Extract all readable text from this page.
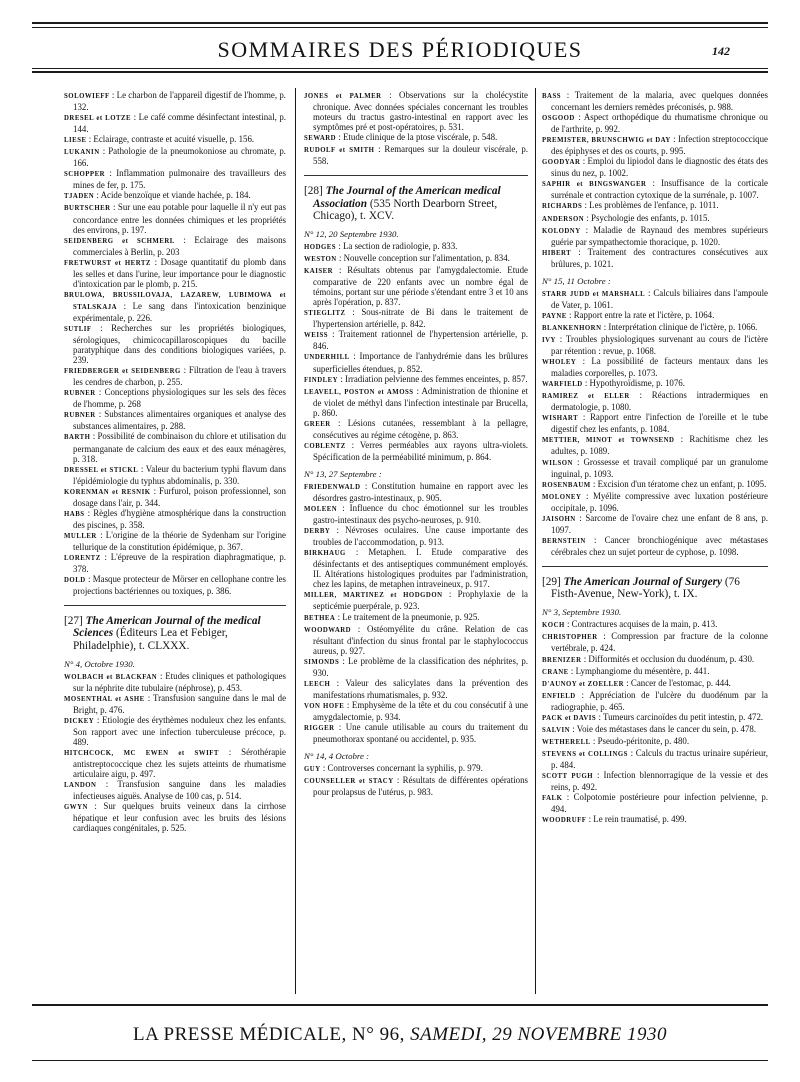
SOMMAIRES DES PÉRIODIQUES	142
SOLOWIEFF : Le charbon de l'appareil digestif de l'homme, p. 132.
DRESEL et LOTZE : Le café comme désinfectant intestinal, p. 144.
LIESE : Eclairage, contraste et acuité visuelle, p. 156.
LUKANIN : Pathologie de la pneumokoniose au chromate, p. 166.
SCHOPPER : Inflammation pulmonaire des travailleurs des mines de fer, p. 175.
TJADEN : Acide benzoïque et viande hachée, p. 184.
BURTSCHER : Sur une eau potable pour laquelle il n'y eut pas concordance entre les données chimiques et les propriétés des environs, p. 197.
SEIDENBERG et SCHMERL : Eclairage des maisons commerciales à Berlin, p. 203
FRETWURST et HERTZ : Dosage quantitatif du plomb dans les selles et dans l'urine, leur importance pour le diagnostic d'intoxication par le plomb, p. 215.
BRULOWA, BRUSSILOVAJA, LAZAREW, LUBIMOWA et STALSKAJA : Le sang dans l'intoxication benzinique expérimentale, p. 226.
SUTLIF : Recherches sur les propriétés biologiques, sérologiques, chimicocapillaroscopiques du bacille paratyphique dans des conditions biologiques variées, p. 239.
FRIEDBERGER et SEIDENBERG : Filtration de l'eau à travers les cendres de charbon, p. 255.
RUBNER : Conceptions physiologiques sur les sels des fèces de l'homme, p. 268
RUBNER : Substances alimentaires organiques et analyse des substances alimentaires, p. 288.
BARTH : Possibilité de combinaison du chlore et utilisation du permanganate de calcium des eaux et des eaux ménagères, p. 318.
DRESSEL et STICKL : Valeur du bacterium typhi flavum dans l'épidémiologie du typhus abdominalis, p. 330.
KORENMAN et RESNIK : Furfurol, poison professionnel, son dosage dans l'air, p. 344.
HABS : Règles d'hygiène atmosphérique dans la construction des piscines, p. 358.
MULLER : L'origine de la théorie de Sydenham sur l'origine tellurique de la constitution épidémique, p. 367.
LORENTZ : L'épreuve de la respiration diaphragmatique, p. 378.
DOLD : Masque protecteur de Mörser en cellophane contre les projections bactériennes ou toxiques, p. 386.
[27] The American Journal of the medical Sciences (Éditeurs Lea et Febiger, Philadelphie), t. CLXXX.
N° 4, Octobre 1930.
WOLBACH et BLACKFAN : Etudes cliniques et pathologiques sur la néphrite dite tubulaire (néphrose), p. 453.
MOSENTHAL et ASHE : Transfusion sanguine dans le mal de Bright, p. 476.
DICKEY : Etiologie des érythèmes noduleux chez les enfants. Son rapport avec une infection tuberculeuse précoce, p. 489.
HITCHCOCK, MC EWEN et SWIFT : Sérothérapie antistreptococcique chez les sujets atteints de rhumatisme articulaire aigu, p. 497.
LANDON : Transfusion sanguine dans les maladies infectieuses aiguës. Analyse de 100 cas, p. 514.
GWYN : Sur quelques bruits veineux dans la cirrhose hépatique et leur confusion avec les bruits des lésions cardiaques congénitales, p. 525.
JONES et PALMER : Observations sur la cholécystite chronique. Avec données spéciales concernant les troubles moteurs du tractus gastro-intestinal en rapport avec les symptômes pré et post-opératoires, p. 531.
SEWARD : Etude clinique de la ptose viscérale, p. 548.
RUDOLF et SMITH : Remarques sur la douleur viscérale, p. 558.
[28] The Journal of the American medical Association (535 North Dearborn Street, Chicago), t. XCV.
N° 12, 20 Septembre 1930.
HODGES : La section de radiologie, p. 833.
WESTON : Nouvelle conception sur l'alimentation, p. 834.
KAISER : Résultats obtenus par l'amygdalectomie. Etude comparative de 220 enfants avec un nombre égal de témoins, portant sur une période s'étendant entre 3 et 10 ans après l'opération, p. 837.
STIEGLITZ : Sous-nitrate de Bi dans le traitement de l'hypertension artérielle, p. 842.
WEISS : Traitement rationnel de l'hypertension artérielle, p. 846.
UNDERHILL : Importance de l'anhydrémie dans les brûlures superficielles étendues, p. 852.
FINDLEY : Irradiation pelvienne des femmes enceintes, p. 857.
LEAVELL, POSTON et AMOSS : Administration de thionine et de violet de méthyl dans l'infection intestinale par Brucella, p. 860.
GREER : Lésions cutanées, ressemblant à la pellagre, consécutives au régime cétogène, p. 863.
COBLENTZ : Verres perméables aux rayons ultra-violets. Spécification de la perméabilité minimum, p. 864.
N° 13, 27 Septembre :
FRIEDENWALD : Constitution humaine en rapport avec les désordres gastro-intestinaux, p. 905.
MOLEEN : Influence du choc émotionnel sur les troubles gastro-intestinaux des psycho-neuroses, p. 910.
DERBY : Névroses oculaires. Une cause importante des troubles de l'accommodation, p. 913.
BIRKHAUG : Metaphen. I. Etude comparative des désinfectants et des antiseptiques communément employés. II. Altérations histologiques produites par l'administration, chez les lapins, de metaphen intraveineux, p. 917.
MILLER, MARTINEZ et HODGDON : Prophylaxie de la septicémie puerpérale, p. 923.
BETHEA : Le traitement de la pneumonie, p. 925.
WOODWARD : Ostéomyélite du crâne. Relation de cas résultant d'infection du sinus frontal par le staphylococcus aureus, p. 927.
SIMONDS : Le problème de la classification des néphrites, p. 930.
LEECH : Valeur des salicylates dans la prévention des manifestations rhumatismales, p. 932.
VON HOFE : Emphysème de la tête et du cou consécutif à une amygdalectomie, p. 934.
RIGGER : Une canule utilisable au cours du traitement du pneumothorax spontané ou accidentel, p. 935.
N° 14, 4 Octobre :
GUY : Controverses concernant la syphilis, p. 979.
COUNSELLER et STACY : Résultats de différentes opérations pour prolapsus de l'utérus, p. 983.
BASS : Traitement de la malaria, avec quelques données concernant les derniers remèdes préconisés, p. 988.
OSGOOD : Aspect orthopédique du rhumatisme chronique ou de l'arthrite, p. 992.
PREMISTER, BRUNSCHWIG et DAY : Infection streptococcique des épiphyses et des os courts, p. 995.
GOODYAR : Emploi du lipiodol dans le diagnostic des états des sinus du nez, p. 1002.
SAPHIR et BINGSWANGER : Insuffisance de la corticale surrénale et contraction cytoxique de la surrénale, p. 1007.
RICHARDS : Les problèmes de l'enfance, p. 1011.
ANDERSON : Psychologie des enfants, p. 1015.
KOLODNY : Maladie de Raynaud des membres supérieurs guérie par sympathectomie thoracique, p. 1020.
HIBERT : Traitement des contractures consécutives aux brûlures, p. 1021.
N° 15, 11 Octobre :
STARR JUDD et MARSHALL : Calculs biliaires dans l'ampoule de Vater, p. 1061.
PAYNE : Rapport entre la rate et l'ictère, p. 1064.
BLANKENHORN : Interprétation clinique de l'ictère, p. 1066.
IVY : Troubles physiologiques survenant au cours de l'ictère par rétention : revue, p. 1068.
WHOLEY : La possibilité de facteurs mentaux dans les maladies corporelles, p. 1073.
WARFIELD : Hypothyroïdisme, p. 1076.
RAMIREZ et ELLER : Réactions intradermiques en dermatologie, p. 1080.
WISHART : Rapport entre l'infection de l'oreille et le tube digestif chez les enfants, p. 1084.
METTIER, MINOT et TOWNSEND : Rachitisme chez les adultes, p. 1089.
WILSON : Grossesse et travail compliqué par un granulome inguinal, p. 1093.
ROSENBAUM : Excision d'un tératome chez un enfant, p. 1095.
MOLONEY : Myélite compressive avec luxation postérieure occipitale, p. 1096.
JAISOHN : Sarcome de l'ovaire chez une enfant de 8 ans, p. 1097.
BERNSTEIN : Cancer bronchiogénique avec métastases cérébrales chez un sujet porteur de cyphose, p. 1098.
[29] The American Journal of Surgery (76 Fisth-Avenue, New-York), t. IX.
N° 3, Septembre 1930.
KOCH : Contractures acquises de la main, p. 413.
CHRISTOPHER : Compression par fracture de la colonne vertébrale, p. 424.
BRENIZER : Difformités et occlusion du duodénum, p. 430.
CRANE : Lymphangiome du mésentère, p. 441.
D'AUNOY et ZOELLER : Cancer de l'estomac, p. 444.
ENFIELD : Appréciation de l'ulcère du duodénum par la radiographie, p. 465.
PACK et DAVIS : Tumeurs carcinoïdes du petit intestin, p. 472.
SALVIN : Voie des métastases dans le cancer du sein, p. 478.
WETHERELL : Pseudo-péritonite, p. 480.
STEVENS et COLLINGS : Calculs du tractus urinaire supérieur, p. 484.
SCOTT PUGH : Infection blennorragique de la vessie et des reins, p. 492.
FALK : Colpotomie postérieure pour infection pelvienne, p. 494.
WOODRUFF : Le rein traumatisé, p. 499.
LA PRESSE MÉDICALE, N° 96, SAMEDI, 29 NOVEMBRE 1930
